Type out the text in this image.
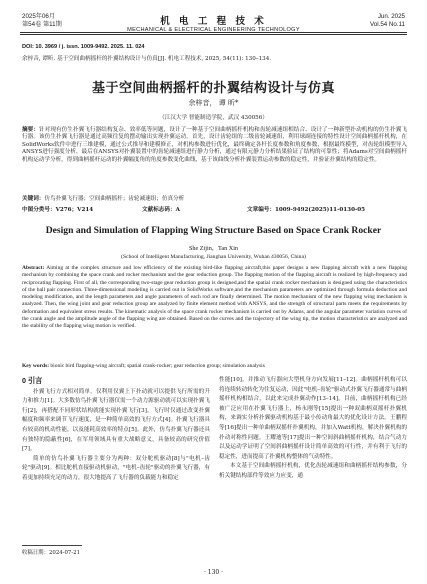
2025年06月
第54卷 第11期	机 电 工 程 技 术
MECHANICAL & ELECTRICAL ENGINEERING TECHNOLOGY
Jun. 2025
Vol.54 No.11
DOI: 10. 3969 / j. issn. 1009-9492. 2025. 11. 024
余梓音, 谭昕. 基于空间曲柄摇杆的扑翼结构设计与仿真[J]. 机电工程技术, 2025, 54(11): 130–134.
基于空间曲柄摇杆的扑翼结构设计与仿真
余梓音， 谭 昕*
（江汉大学 智能制造学院，武汉 430056）
摘要：针对现有仿生扑翼飞行器结构复杂、效率低等问题，设计了一种基于空间曲柄摇杆机构和齿轮减速组相结合、设计了一种新型扑动机构的仿生扑翼飞行器。该仿生扑翼飞行器是通过高频往复的摆动输出实现扑翼运动。首先，设计齿轮组的二级齿轮减速组，利用球副连接的特性设计空间曲柄摇杆机构，在SolidWorks软件中进行三维建模，通过公式推导和建模修正，对机构参数进行优化，最终确定各杆长度参数和角度参数，根据最终模型，对齿轮组模型导入ANSYS进行强度分析，最后在ANSYS对扑翼装置中的齿轮减速组进行静力分析，通过有限元静力分析结果验证了结构的可靠性；将Adams对空间曲柄摇杆机构运动学分析，得到曲柄摇杆运动的扑翼幅度角的角度参数变化曲线，基于该曲线分析扑翼装置运动参数的稳定性，并验证扑翼结构的稳定性。
关键词：仿鸟扑翼飞行器；空间曲柄摇杆；齿轮减速组；仿真分析
中图分类号：V276；V214	文献标志码：A	文章编号：1009-9492(2025)11-0130-05
Design and Simulation of Flapping Wing Structure Based on Space Crank Rocker
She Zijin，Tan Xin
(School of Intelligent Manufacturing, Jianghan University, Wuhan 430056, China)
Abstract: Aiming at the complex structure and low efficiency of the existing bird-like flapping aircraft,this paper designs a new flapping aircraft with a new flapping mechanism by combining the space crank and rocker mechanism and the gear reduction group. The flapping motion of the flapping aircraft is realized by high-frequency and reciprocating flapping. First of all, the corresponding two-stage gear reduction group is designed,and the spatial crank rocker mechanism is designed using the characteristics of the ball pair connection. Three-dimensional modeling is carried out in SolidWorks software,and the mechanism parameters are optimized through formula deduction and modeling modification, and the length parameters and angle parameters of each rod are finally determined. The motion mechanism of the new flapping wing mechanism is analyzed. Then, the wing joint and gear reduction group are analyzed by finite element method with ANSYS, and the strength of structural parts meets the requirements by deformation and equivalent stress results. The kinematic analysis of the space crank rocker mechanism is carried out by Adams, and the angular parameter variation curves of the crank angle and the amplitude angle of the flapping wing are obtained. Based on the curves and the trajectory of the wing tip, the motion characteristics are analyzed and the stability of the flapping wing motion is verified.
Key words: bionic bird flapping-wing aircraft; spatial crank-rocker; gear reduction group; simulation analysis
0 引言

扑翼飞行方式相对简单，仅利用仅翼上下扑动就可以提供飞行所需的升力和推力[1]。大多数仿鸟扑翼飞行器仅需一个动力源驱动就可以实现扑翼飞行[2]，再搭配不同形状结构就能实现扑翼飞行[3]。飞行时仅通过改变扑翼幅度和频率来调节飞行速度，是一种简单高效的飞行方式[4]。扑翼飞行器具有较高的机动性能，以及能耗高效率的特点[5]。此外，仿鸟扑翼飞行器还具有独特的隐蔽性[6]，在军用领域具有重大战略意义，具备较高的研究价值[7]。

简单的仿鸟扑翼飞行器主要分为两种：双分舵机驱动[8]与"电机–齿轮"驱动[9]。相比舵机直接驱动机驱动，"电机–齿轮"驱动的扑翼飞行器，有着更加持续充足的动力，很大地提高了飞行器的负载能力和稳定

性能[10]，并推动飞行器向大型机身方向发展[11–12]。曲柄摇杆机构可以将连续转动转化为往复运动，因此"电机–齿轮"驱动式扑翼飞行器通常与曲柄摇杆机构相结合，以此来完成扑翼动作[13–14]。目前，曲柄摇杆机构已经被广泛应用在扑翼飞行器上，杨永刚等[15]提出一种双曲柄双摇杆扑翼机构，来调实分析扑翼驱动机构基于最小传动角最大的优化设计方法。王鹏程等[16]提出一种单曲柄双摇杆扑翼机构，并加入Watt机构，解决扑翼机构的扑动对称性问题。王耀迪等[17]提出一种空间斜曲柄摇杆机构，结合气动力以及运动学证明了空间斜曲柄摇杆设计简单高效的可行性，并有利于飞行的稳定性，进而提高了扑翼机构整体的气动特性。

本文基于空间曲柄摇杆机构，优化齿轮减速组和曲柄摇杆结构参数，分析关键结构部件等效应力应变，通

收稿日期：2024-07-21
· 130 ·
